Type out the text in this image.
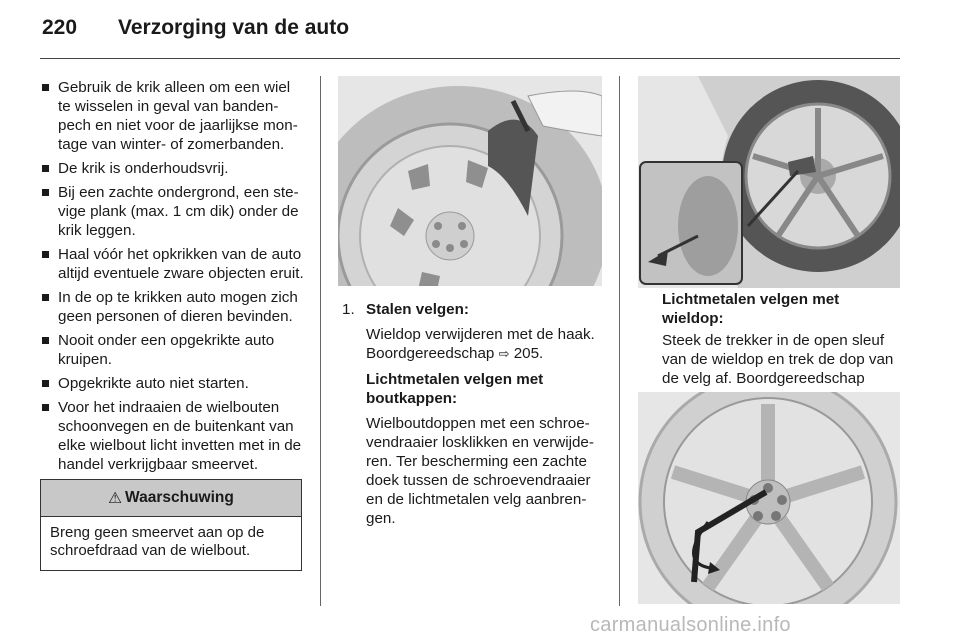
220 Verzorging van de auto
Gebruik de krik alleen om een wiel te wisselen in geval van bandenpech en niet voor de jaarlijkse montage van winter- of zomerbanden.
De krik is onderhoudsvrij.
Bij een zachte ondergrond, een stevige plank (max. 1 cm dik) onder de krik leggen.
Haal vóór het opkrikken van de auto altijd eventuele zware objecten eruit.
In de op te krikken auto mogen zich geen personen of dieren bevinden.
Nooit onder een opgekrikte auto kruipen.
Opgekrikte auto niet starten.
Voor het indraaien de wielbouten schoonvegen en de buitenkant van elke wielbout licht invetten met in de handel verkrijgbaar smeervet.
⚠ Waarschuwing
Breng geen smeervet aan op de schroefdraad van de wielbout.
1. Stalen velgen:

Wieldop verwijderen met de haak. Boordgereedschap ⇨ 205.

Lichtmetalen velgen met boutkappen:

Wielboutdoppen met een schroevendraaier losklikken en verwijderen. Ter bescherming een zachte doek tussen de schroevendraaier en de lichtmetalen velg aanbrengen.

Lichtmetalen velgen met wieldop:

Steek de trekker in de open sleuf van de wieldop en trek de dop van de velg af. Boordgereedschap

carmanualsonline.info
